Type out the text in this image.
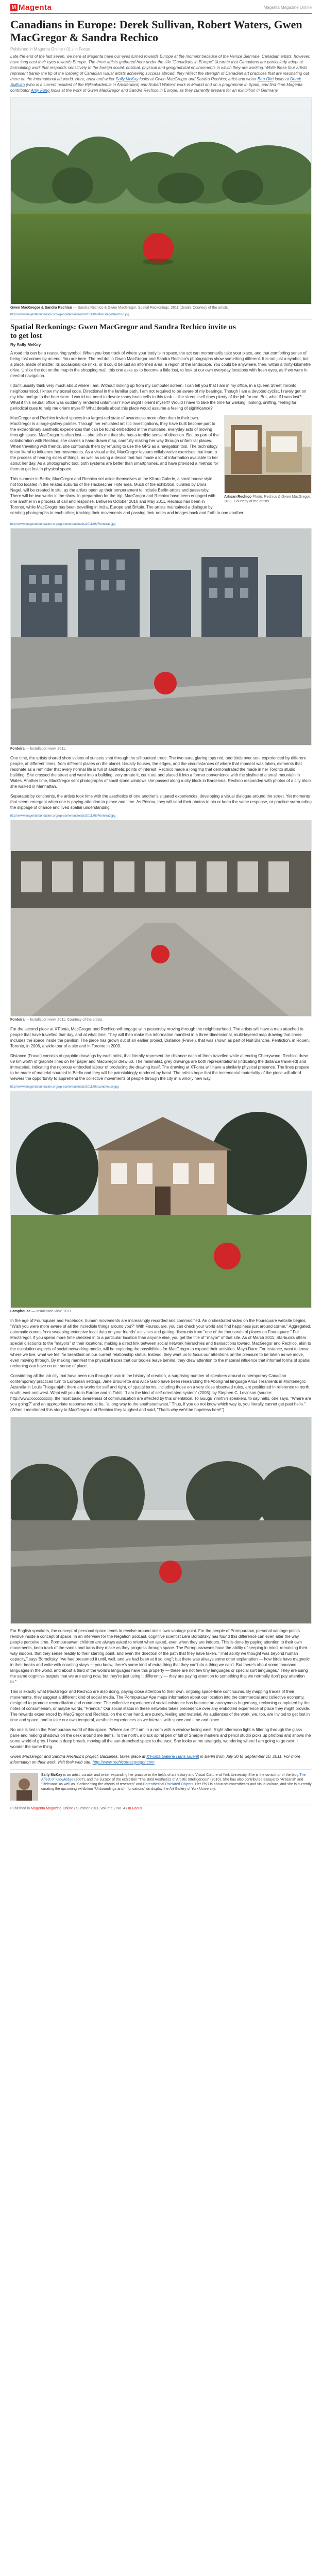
M Magenta	Magenta Magazine Online
Canadians in Europe: Derek Sullivan, Robert Waters, Gwen MacGregor & Sandra Rechico
Published in Magenta Online / 01 / in Focus
Late the end of the last seven, we here at Magenta have our eyes turned towards Europe at the moment because of the Venice Biennale. Canadian artists, however, have long cast their eyes towards Europe. The three artists gathered here under the title "Canadians in Europe" illustrate that Canadians are particularly adept at formulating work that responds sensitively to the foreign social, political, physical and geographical environments in which they are working. While these four artists represent barely the tip of the iceberg of Canadian visual artists achieving success abroad, they reflect the strength of Canadian art practices that are resonating out there on the international art world. Here, artist and writer Sally McKay looks at Gwen MacGregor and Sandra Rechico; artist and writer Ben Okri looks at Derek Sullivan (who is a current resident of the Rijksakademie in Amsterdam) and Robert Waters' work in Madrid and on a programme in Spain; and first-time Magenta contributor Amy Fung looks at the work of Gwen MacGregor and Sandra Rechico in Europe, as they currently prepare for an exhibition in Germany.
Gwen MacGregor & Sandra Rechico — Sandra Rechico & Gwen MacGregor, Spatial Reckonings, 2011 (detail). Courtesy of the artists.
http://www.magentafoundation.org/wp-content/uploads/2011/06/MacGregorRechico.jpg
Spatial Reckonings: Gwen MacGregor and Sandra Rechico invite us to get lost
By Sally McKay

A road trip can be a reassuring symbol. When you lose track of where your body is in space, the act can momentarily take your place, and that comforting sense of being lost comes by on end. You are here. The red dot in Gwen MacGregor and Sandra Rechico's photographs show something different. It is not just a symbol, but a place, made of matter, its occasional ice rinks, or it could be just an informed area, a region of the landscape. You could be anywhere, then, within a thirty-kilometre drive. Unlike the dot on the map in the shopping mall, this one asks us to become a little lost, to look at our own everyday locations with fresh eyes, as if we were in need of navigation.

I don't usually think very much about where I am. Without looking up from my computer screen, I can tell you that I am in my office, in a Queen Street Toronto neighbourhood. I know my postal code. Directional in the familiar path, I am not required to be aware of my bearings. Though I am a devoted cyclist, I rarely get on my bike and go to the beer store. I would not need to devote many brain cells to this task — the street itself does plenty of the job for me. But, what if I was lost? What if this neutral office was suddenly rendered unfamiliar? How might I orient myself? Would I have to take the time for walking, looking, sniffing, feeling for periodical cues to help me orient myself? What details about this place would assume a feeling of significance?

Artisan Rechico Photo: Rechico & Gwen MacGregor, 2011. Courtesy of the artists.

MacGregor and Rechico invited spaces in a largesized state of awareness more often than in their own. MacGregor is a large-gallery painter. Through her emulated artistic investigations, they have built become part to the extraordinary aesthetic experiences that can be found embedded in the mundane, everyday acts of moving through space. MacGregor is often lost — she tells me that she has a terrible sense of direction. But, as part of the collaboration with Rechico, she carries a hand-drawn map, carefully making her way through unfamiliar places. When travelling with friends, she confounds them by refusing to use the GPS as a navigation tool. The technology is too literal to influence her movements. As a visual artist, MacGregor favours collaborative exercises that lead to the process of hearing sides of things, as well as using a device that has made a lot of information available to her about her day. As a photographic tool, both systems are better than smartphones, and have provided a method for them to get lost in physical space.

This summer in Berlin, MacGregor and Rechico set aside themselves at the Kfraro Galerie, a small house style not too located in the related suburbs of the Hackescher Höfe area. Much of the exhibition, curated by Doris Nagel, will be created in situ, as the artists open up their temperament to include Berlin artists and passersby. There will be two works in the show. In preparation for the trip, MacGregor and Rechico have been engaged with one another in a process of call and response. Between October 2010 and May 2011, Rechico has been in Toronto, while MacGregor has been travelling in India, Europe and Britain. The artists maintained a dialogue by sending photographs to each other, tracking their movements and passing their notes and images back and forth to one another.

http://www.magentafoundation.org/wp-content/uploads/2011/06/Fonteira1.jpg
Fonteira — Installation view, 2011.

One time, the artists shared short videos of sunsets shot through the silhouetted trees. The two sure, glaring tops red, and birds over sun, experienced by different people, at different times, from different places on the planet. Usually houses, the edges, and the circumstances of where that moment was taken, elements that resonate as a reminder that every normal life is full of aesthetic points of interest. Rechico made a long trip that demonstrated the made in her Toronto studio building. She crossed the street and went into a building, very ornate it, cut it out and placed it into a former convenience with the skyline of a small mountain in Wales. Another time, MacGregor sent photographs of small stone windows she passed along a city block in Barcelona. Rechico responded with photos of a city block she walked in Manhattan.

Separated by continents, the artists took time with the aesthetics of one another's situated experiences, developing a visual dialogue around the street. Yet moments that seem emergent when one is paying attention to peace and time. As Prisma, they will send their photos to pin or keep the same response, or practice surrounding the slippage of chance and lived spatial understanding.

http://www.magentafoundation.org/wp-content/uploads/2011/06/Fonteira2.jpg
Fonteira — Installation view, 2011. Courtesy of the artists.

For the second piece at X'Fonta, MacGregor and Rechico will engage with passersby moving through the neighbourhood. The artists will have a map attached to people that have travelled that day, and at what time. They will then make this information manifest in a three-dimensional, multi-layered map drawing that cross-includes the space inside the pavilion. The piece has grown out of an earlier project, Distance (Fravel), that was shown as part of Nuit Blanche, Pentiction, in Rouen, Toronto, in 2006, a wide-tour of a site and in Toronto in 2009.

Distance (Fravel) consists of graphite drawings by each artist, that literally represent the distance each of them travelled while attending Cherrywood. Rechico drew 69 km worth of graphite lines on her paper and MacGregor drew 60. The minimalist, grey drawings are both representational (indicating the distance travelled) and immaterial, indicating the rigorous embodied labour of producing the drawing itself. The drawing at X'Fonta will have a similarly physical presence. The lines prepare to be made of material sourced in Berlin and they will be painstakingly rendered by hand. The artists hope that the incremental materiality of the piece will afford viewers the opportunity to apprehend the collective movements of people through the city in a wholly new way.

http://www.magentafoundation.org/wp-content/uploads/2011/06/Lamphouse.jpg
Lamphouse — Installation view, 2011.

In the age of Foursquare and Facebook, human movements are increasingly recorded and commodified. An orchestrated video on the Foursquare website begins, "Wish you were more aware of all the incredible things around you?" With Foursquare, you can check your world and find happiness just around corner." Aggregated, automatic comes from sweeping extensive local data on your friends' activities and getting discounts from "one of the thousands of places on Foursquare." For MacGregor, if you spend more time checked in to a particular location than anyone else, you get the title of "mayor" of that site. As of March 2011, Starbucks offers special discounts to the "mayors" of their locations, making a direct link between social network hierarchies and transactions toward. MacGregor and Rechico, akin to the escalation aspects of social networking media, will be exploring the possibilities for MacGregor to expand their activities. Mayo Darn: For instance, want to know where we live, what we feel for breakfast on our current relationship status. Instead, they want us to focus our attentions on the pleasure to be taken as we move, even moving through. By making manifest the physical traces that our bodies leave behind, they draw attention to the material influence that informal forms of spatial reckoning can have on our sense of place.

Considering all the lab city that have been run through music in the history of creation, a surprising number of speakers around contemporary Canadian contemporary practices turn to European settings. Jane Brouillette and Alice Gallo have been researching the Aboriginal language Anus Treaments in Montenegro, Australia in Louis Thiagarajah; there are works for self and right, of spatial terms, including those on a very close observed rules, are positioned in reference to north, south, east and west. What will you do in Europe and in Tahiti. "I am the kind of self-orientated system" (2005), by Stephen C. Levinson (source: http://www.xxxxxxxxxx), the most basic awareness of communication are affected by this orientation. To Guugu Yimithirr speakers, to say hello, one says, "Where are you going?" and an appropriate response would be, "a long way to the southsouthwest." Thus, if you do not know which way is, you literally cannot get past hello." (When I mentioned this story to MacGregor and Rechico they laughed and said, "That's why we'd be hopeless here!")

For English speakers, the concept of personal space tends to revolve around one's own vantage point. For the people of Pormpuraaw, personal vantage points revolve inside a concept of space. In an interview for the Negation podcast, cognitive scientist Lera Boroditsky has found this difference can even alter the way people perceive time. Pormpuraawan children are always asked to orient when asked, even when they are indoors. This is done by paying attention to their own movements, keep track of the sands and turns they make as they progress through space. The Pormpuraawans have the ability of keeping in mind, remaining their way indoors, that they sense readily to their starting point, and even the direction of the path that they have taken. "That ability we thought was beyond human capacity," says Boroditsky, "we had presumed it until, well, and we had been at it so long"; but there was always some other explanation — how birds have magnetic in their beaks and write with counting stays — you know, there's some kind of extra thing that they can't do a thing we can't. But there's about some thousand languages in the world, and about a third of the world's languages have this property — these are not few tiny languages or special sort languages." They are using the same cognitive outputs that we are using now, but they're just using it differently — they are paying attention to something that we normally don't pay attention to."

This is exactly what MacGregor and Rechico are also doing, paying close attention to their own, ongoing space-time continuums. By mapping traces of their movements, they suggest a different kind of social media. The Pormpuraaw Apa maps information about our location into the commercial and collective economy, designed to promote reconciliation and commerce. The collective experience of social existence has become an anonymous hegemony, reckoning completed by the notes of consumerism, or maybe words, "Friends." Our social status in these networks takes precedence over any embodied experience of place they might provide. The rewards experienced by MacGregor and Rechico, on the other hand, are purely, feeling and material. As audiences of the work, we, too, are invited to get lost in time and space, and to take our own temporal, aesthetic experiences as we interact with space and time and place.

No one is lost in the Pormpuraaw world of this space. "Where are I?" I am in a room with a window facing west. Right afternoon light is filtering through the glass pane and making shadows on the desk around me items. To the north, a black spiral pen of full of Sharpie markers and pencil studio picks up photons and shows me some world of grey. I have a deep breath, moving all the sun-drenched space to the east. She looks at me strangely, wondering where I am going to go next. I wonder the same thing.

Gwen MacGregor and Sandra Rechico's project, Backlines, takes place at X'Fonta Galerie Hans Guenlt in Berlin from July 30 to September 10, 2011. For more information on their work, visit their web site: http://www.rechicomacgregor.com

Sally McKay is an artist, curator and writer expanding her practice in the fields of art history and Visual Culture at York University. She is the co-author of the blog The Affect of Knowledge (2007), and the curator of the exhibition "The Bold Aesthetics of Artistic Intelligences" (2010). She has also contributed essays to "Artisanal" and "Relevant" as well as "Sedimenting the affects of research" and Parenthetical Pixelated Objects. Her PhD is about neuroaesthetics and visual culture, and she is currently curating the upcoming exhibition "Unboundings and Imbrications" on display the Art Gallery of York University.
Published in Magenta Magazine Online / Summer 2011, Volume 2 No. 4 / In Focus
